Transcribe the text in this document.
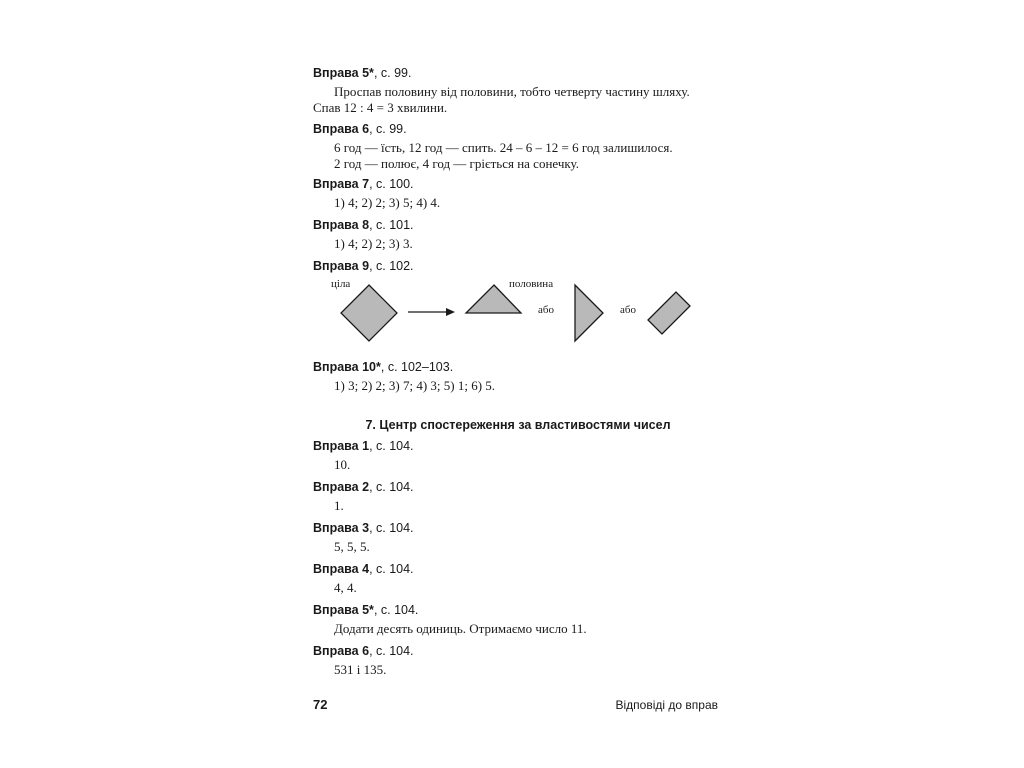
Вправа 5*, с. 99.
Проспав половину від половини, тобто четверту частину шляху.
Спав 12 : 4 = 3 хвилини.
Вправа 6, с. 99.
6 год — їсть, 12 год — спить. 24 – 6 – 12 = 6 год залишилося.
2 год — полює, 4 год — гріється на сонечку.
Вправа 7, с. 100.
1) 4; 2) 2; 3) 5; 4) 4.
Вправа 8, с. 101.
1) 4; 2) 2; 3) 3.
Вправа 9, с. 102.
ціла	половина
або	або
Вправа 10*, с. 102–103.
1) 3; 2) 2; 3) 7; 4) 3; 5) 1; 6) 5.
7. Центр спостереження за властивостями чисел
Вправа 1, с. 104.
10.
Вправа 2, с. 104.
1.
Вправа 3, с. 104.
5, 5, 5.
Вправа 4, с. 104.
4, 4.
Вправа 5*, с. 104.
Додати десять одиниць. Отримаємо число 11.
Вправа 6, с. 104.
531 і 135.
72	Відповіді до вправ
